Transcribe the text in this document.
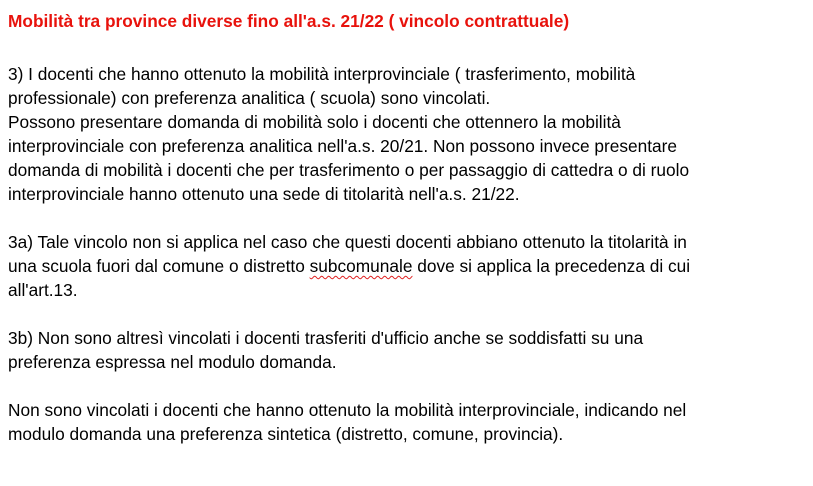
Mobilità tra province diverse fino all'a.s. 21/22 ( vincolo contrattuale)
3) I docenti che hanno ottenuto la mobilità interprovinciale ( trasferimento, mobilità
professionale) con preferenza analitica ( scuola) sono vincolati.
Possono presentare domanda di mobilità solo i docenti che ottennero la mobilità
interprovinciale con preferenza analitica nell'a.s. 20/21. Non possono invece presentare
domanda di mobilità i docenti che per trasferimento o per passaggio di cattedra o di ruolo
interprovinciale hanno ottenuto una sede di titolarità nell'a.s. 21/22.
3a) Tale vincolo non si applica nel caso che questi docenti abbiano ottenuto la titolarità in
una scuola fuori dal comune o distretto subcomunale dove si applica la precedenza di cui
all'art.13.
3b) Non sono altresì vincolati i docenti trasferiti d'ufficio anche se soddisfatti su una
preferenza espressa nel modulo domanda.
Non sono vincolati i docenti che hanno ottenuto la mobilità interprovinciale, indicando nel
modulo domanda una preferenza sintetica (distretto, comune, provincia).
